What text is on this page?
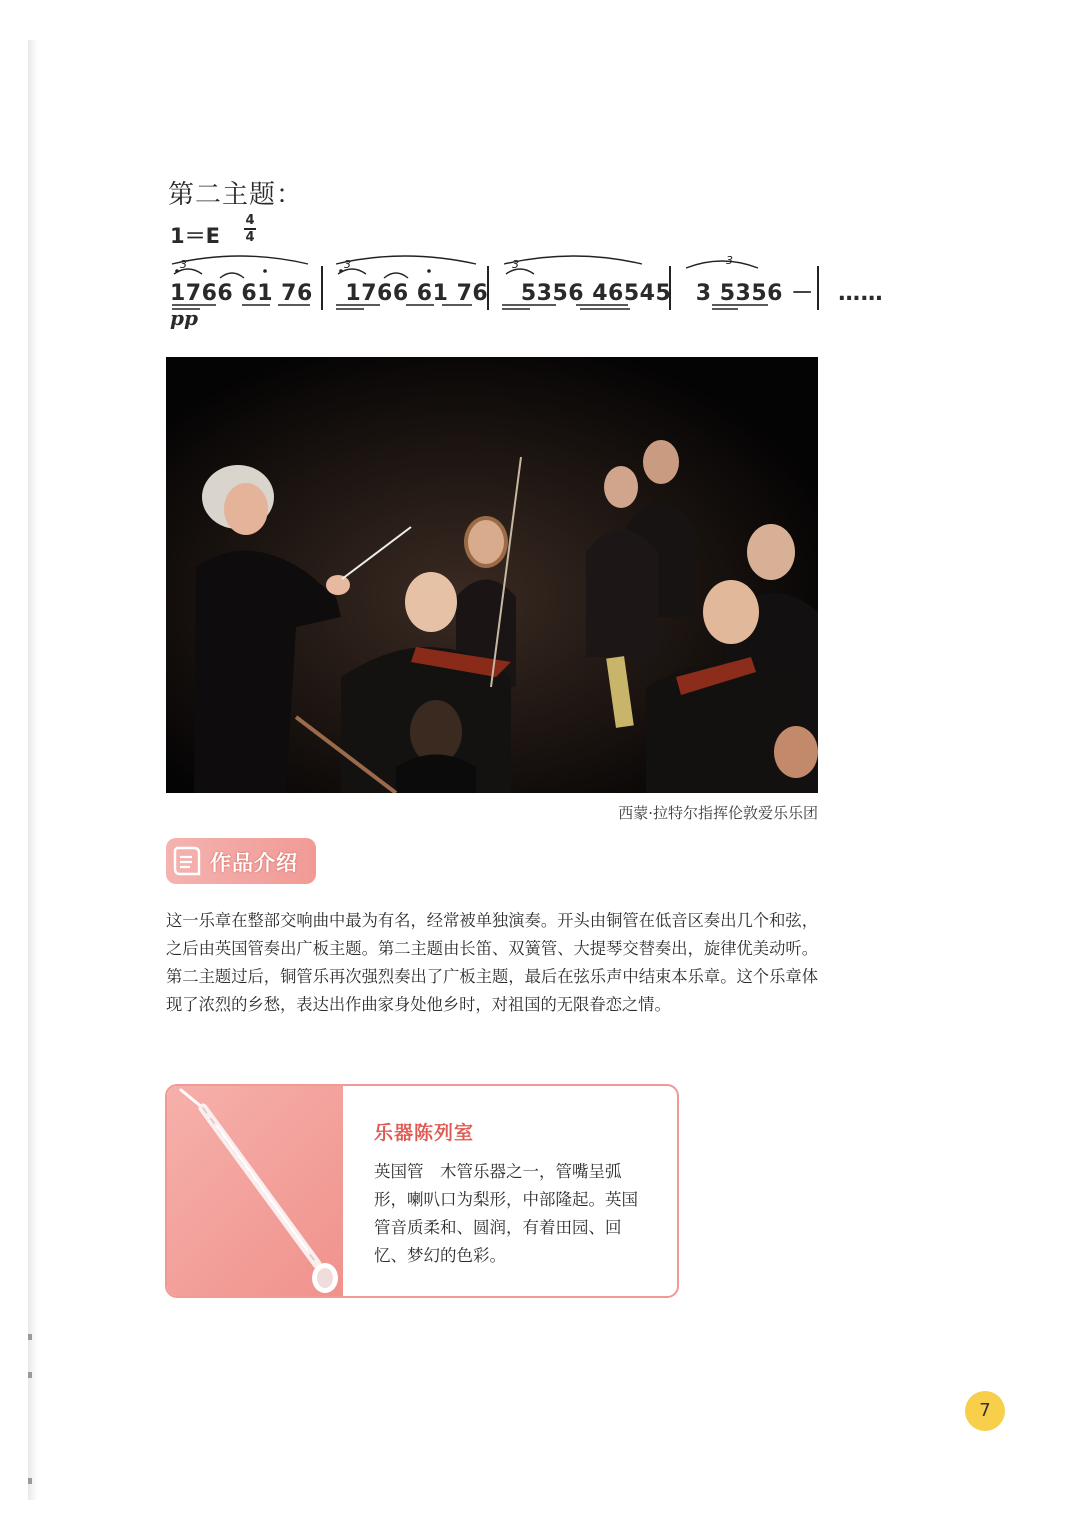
第二主题：
1＝E
4
4
3	3	3	3
1766 61 76 1766 61 76 5356 46545 3 5356 － ……
pp
西蒙·拉特尔指挥伦敦爱乐乐团
作品介绍
这一乐章在整部交响曲中最为有名，经常被单独演奏。开头由铜管在低音区奏出几个和弦，之后由英国管奏出广板主题。第二主题由长笛、双簧管、大提琴交替奏出，旋律优美动听。第二主题过后，铜管乐再次强烈奏出了广板主题，最后在弦乐声中结束本乐章。这个乐章体现了浓烈的乡愁，表达出作曲家身处他乡时，对祖国的无限眷恋之情。
乐器陈列室
英国管　木管乐器之一，管嘴呈弧形，喇叭口为梨形，中部隆起。英国管音质柔和、圆润，有着田园、回忆、梦幻的色彩。
7
